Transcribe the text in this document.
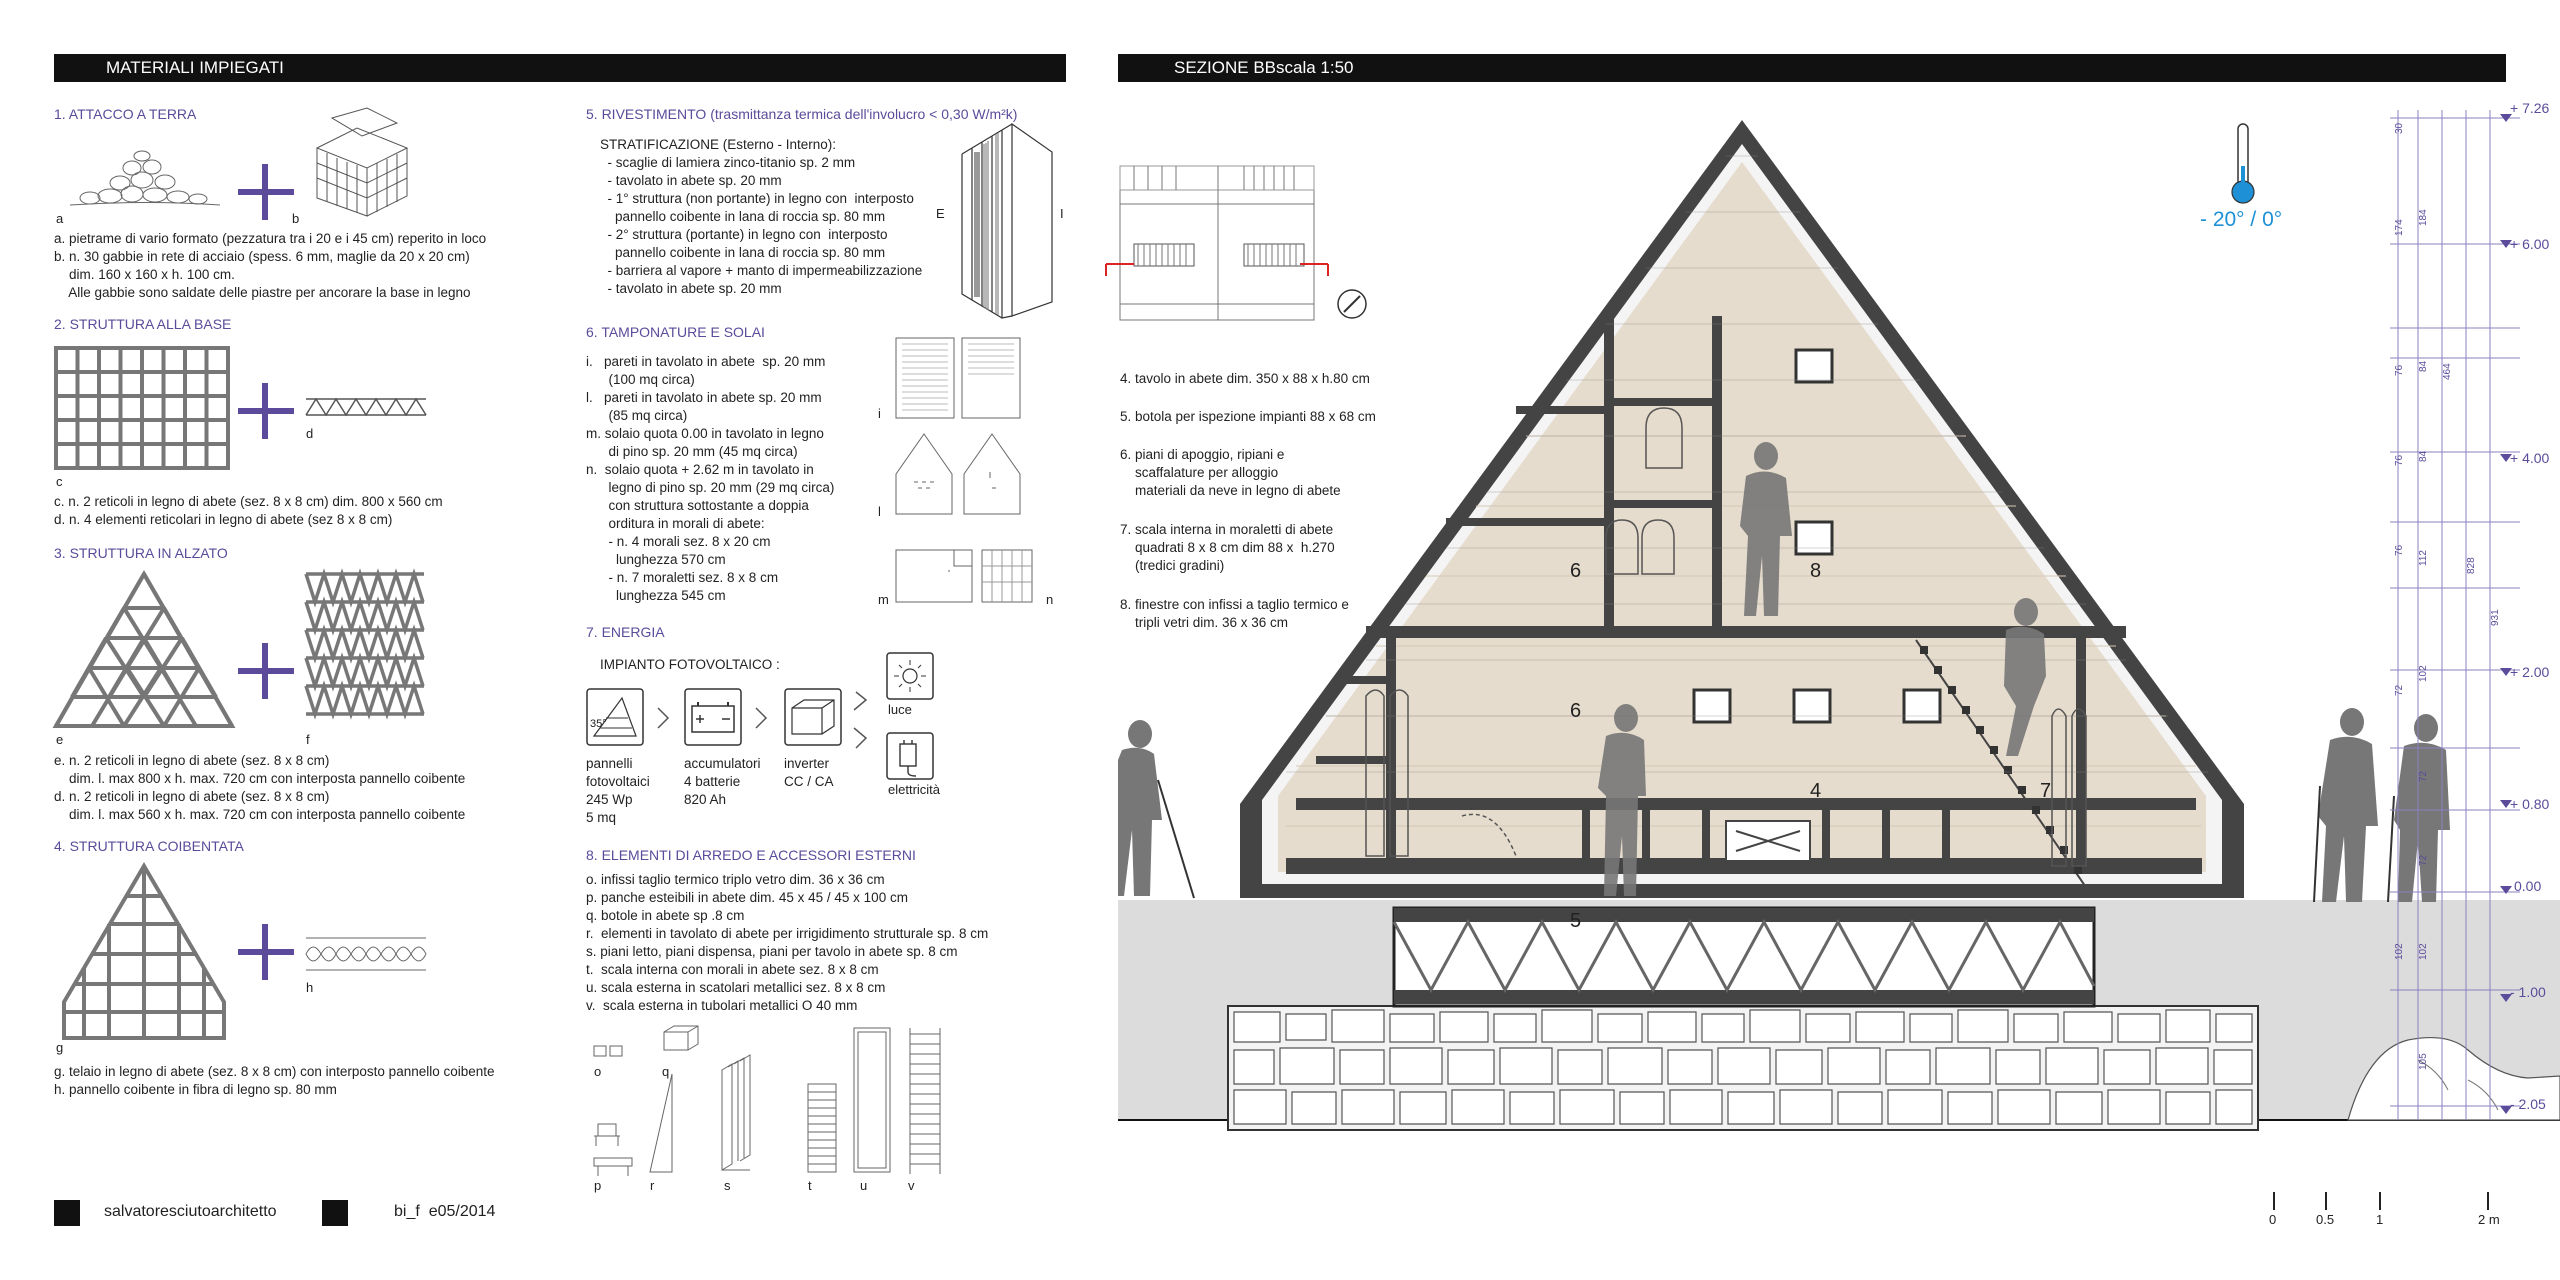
MATERIALI IMPIEGATI
1. ATTACCO A TERRA
a	b
a. pietrame di vario formato (pezzatura tra i 20 e i 45 cm) reperito in loco
b. n. 30 gabbie in rete di acciaio (spess. 6 mm, maglie da 20 x 20 cm)
dim. 160 x 160 x h. 100 cm.
Alle gabbie sono saldate delle piastre per ancorare la base in legno
2. STRUTTURA ALLA BASE
c
d
c. n. 2 reticoli in legno di abete (sez. 8 x 8 cm) dim. 800 x 560 cm
d. n. 4 elementi reticolari in legno di abete (sez 8 x 8 cm)
3. STRUTTURA IN ALZATO
e	f
e. n. 2 reticoli in legno di abete (sez. 8 x 8 cm)
dim. l. max 800 x h. max. 720 cm con interposta pannello coibente
d. n. 2 reticoli in legno di abete (sez. 8 x 8 cm)
dim. l. max 560 x h. max. 720 cm con interposta pannello coibente
4. STRUTTURA COIBENTATA
g
h
g. telaio in legno di abete (sez. 8 x 8 cm) con interposto pannello coibente
h. pannello coibente in fibra di legno sp. 80 mm
5. RIVESTIMENTO (trasmittanza termica dell'involucro < 0,30 W/m²k)
STRATIFICAZIONE (Esterno - Interno):
- scaglie di lamiera zinco-titanio sp. 2 mm
- tavolato in abete sp. 20 mm
- 1° struttura (non portante) in legno con  interposto
pannello coibente in lana di roccia sp. 80 mm
- 2° struttura (portante) in legno con  interposto
pannello coibente in lana di roccia sp. 80 mm
- barriera al vapore + manto di impermeabilizzazione
- tavolato in abete sp. 20 mm
E	I
6. TAMPONATURE E SOLAI
i.   pareti in tavolato in abete  sp. 20 mm
(100 mq circa)
l.   pareti in tavolato in abete sp. 20 mm
(85 mq circa)
m. solaio quota 0.00 in tavolato in legno
di pino sp. 20 mm (45 mq circa)
n.  solaio quota + 2.62 m in tavolato in
legno di pino sp. 20 mm (29 mq circa)
con struttura sottostante a doppia
orditura in morali di abete:
- n. 4 morali sez. 8 x 20 cm
lunghezza 570 cm
- n. 7 moraletti sez. 8 x 8 cm
lunghezza 545 cm
i
l
m	n
7. ENERGIA
IMPIANTO FOTOVOLTAICO :
35°
luce
elettricità
pannelli
fotovoltaici
245 Wp
5 mq
accumulatori
4 batterie
820 Ah
inverter
CC / CA
8. ELEMENTI DI ARREDO E ACCESSORI ESTERNI
o. infissi taglio termico triplo vetro dim. 36 x 36 cm
p. panche esteibili in abete dim. 45 x 45 / 45 x 100 cm
q. botole in abete sp .8 cm
r.  elementi in tavolato di abete per irrigidimento strutturale sp. 8 cm
s. piani letto, piani dispensa, piani per tavolo in abete sp. 8 cm
t.  scala interna con morali in abete sez. 8 x 8 cm
u. scala esterna in scatolari metallici sez. 8 x 8 cm
v.  scala esterna in tubolari metallici O 40 mm
o	q
p	r	s	t	u	v
salvatoresciutoarchitetto	bi_f  e05/2014
SEZIONE BB scala 1:50
4. tavolo in abete dim. 350 x 88 x h.80 cm
5. botola per ispezione impianti 88 x 68 cm
6. piani di apoggio, ripiani e
scaffalature per alloggio
materiali da neve in legno di abete
7. scala interna in moraletti di abete
quadrati 8 x 8 cm dim 88 x  h.270
(tredici gradini)
8. finestre con infissi a taglio termico e
tripli vetri dim. 36 x 36 cm
- 20° / 0°
6	8
6
4	7
5
30
174
184
84 464
76
84
76
112	828
76
931
102
72
72
72
102
102
105
+ 7.26
+ 6.00
+ 4.00
+ 2.00
+ 0.80
0.00
- 1.00
- 2.05
0	0.5	1	2 m
